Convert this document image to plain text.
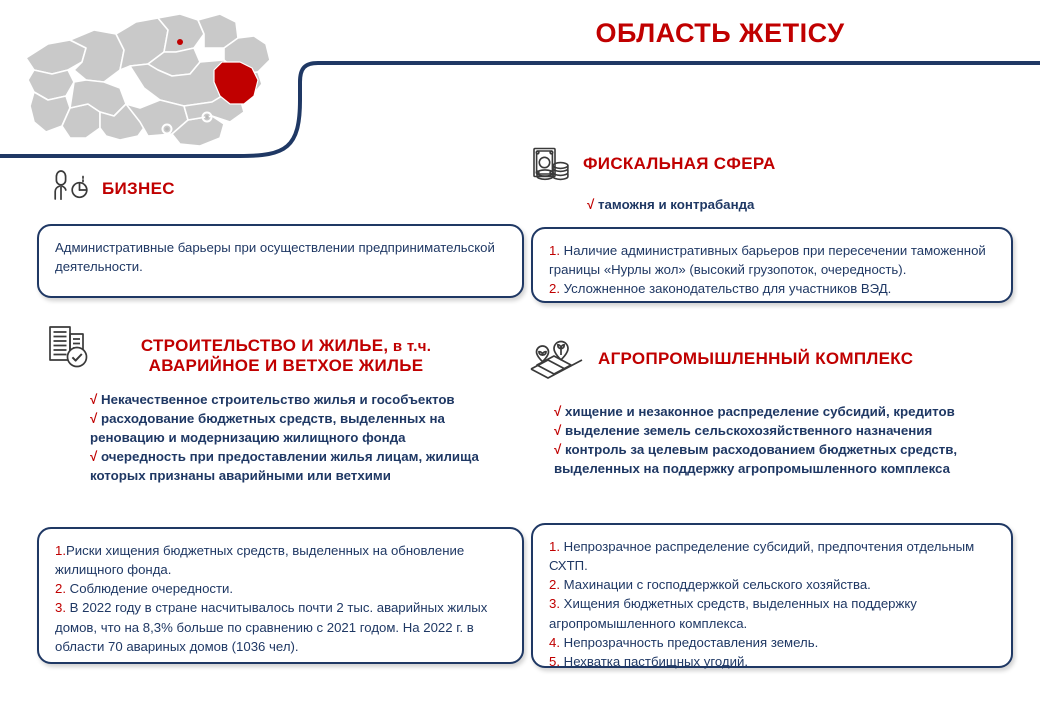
ОБЛАСТЬ ЖЕТІСУ
БИЗНЕС

Административные барьеры при осуществлении предпринимательской деятельности.

ФИСКАЛЬНАЯ СФЕРА
√ таможня и контрабанда

1. Наличие административных барьеров при пересечении таможенной границы «Нурлы жол» (высокий грузопоток, очередность).

2. Усложненное законодательство для участников ВЭД.

СТРОИТЕЛЬСТВО И ЖИЛЬЕ, в т.ч.
АВАРИЙНОЕ И ВЕТХОЕ ЖИЛЬЕ
√ Некачественное строительство жилья и гособъектов
√ расходование бюджетных средств, выделенных на реновацию и модернизацию жилищного фонда
√ очередность при предоставлении жилья лицам, жилища которых признаны аварийными или ветхими

1.Риски хищения бюджетных средств, выделенных на обновление жилищного фонда.

2. Соблюдение очередности.

3. В 2022 году в стране насчитывалось почти 2 тыс. аварийных жилых домов, что на 8,3% больше по сравнению с 2021 годом. На 2022 г. в области 70 авариных домов (1036 чел).

АГРОПРОМЫШЛЕННЫЙ КОМПЛЕКС
√ хищение и незаконное распределение субсидий, кредитов
√ выделение земель сельскохозяйственного назначения
√ контроль за целевым расходованием бюджетных средств, выделенных на поддержку агропромышленного комплекса

1. Непрозрачное распределение субсидий, предпочтения отдельным СХТП.

2. Махинации с господдержкой сельского хозяйства.

3. Хищения бюджетных средств, выделенных на поддержку агропромышленного комплекса.

4. Непрозрачность предоставления земель.

5. Нехватка пастбищных угодий.
